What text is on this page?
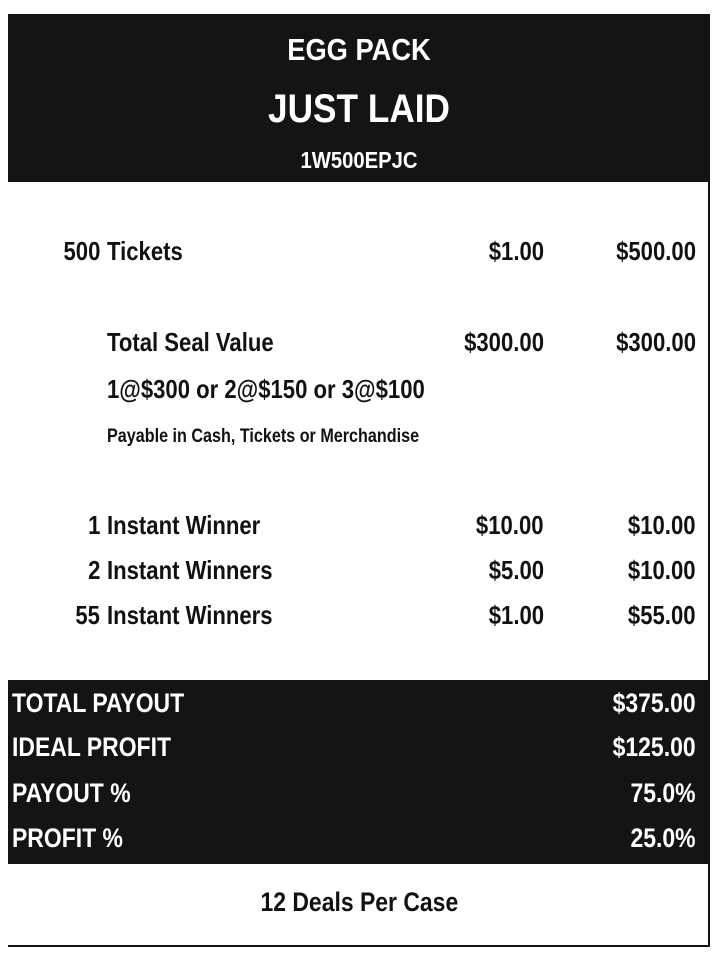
EGG PACK
JUST LAID
1W500EPJC
500 Tickets	$1.00	$500.00
Total Seal Value	$300.00	$300.00
1@$300 or 2@$150 or 3@$100
Payable in Cash, Tickets or Merchandise
1 Instant Winner	$10.00	$10.00
2 Instant Winners	$5.00	$10.00
55 Instant Winners	$1.00	$55.00
TOTAL PAYOUT	$375.00
IDEAL PROFIT	$125.00
PAYOUT %	75.0%
PROFIT %	25.0%
12 Deals Per Case
